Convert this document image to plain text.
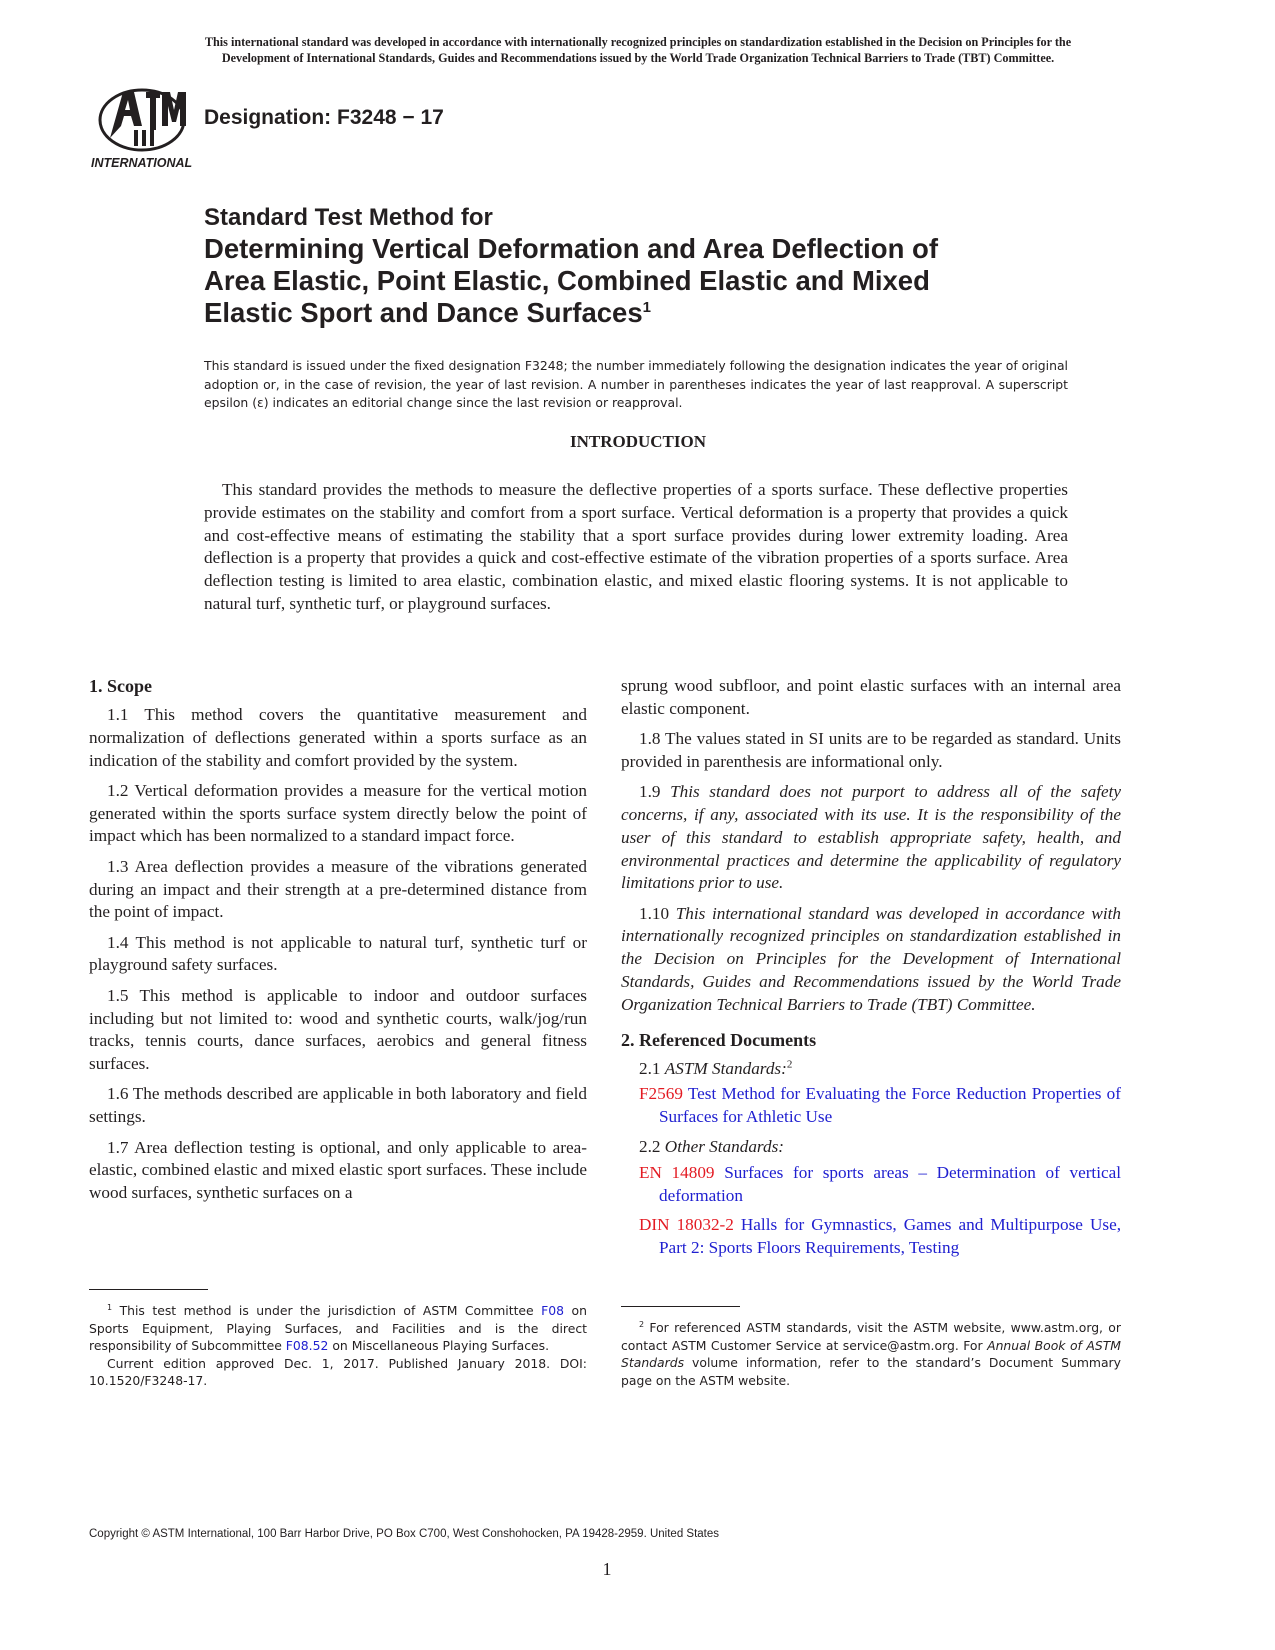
This international standard was developed in accordance with internationally recognized principles on standardization established in the Decision on Principles for the
Development of International Standards, Guides and Recommendations issued by the World Trade Organization Technical Barriers to Trade (TBT) Committee.
INTERNATIONAL
Designation: F3248 − 17
Standard Test Method for
Determining Vertical Deformation and Area Deflection of
Area Elastic, Point Elastic, Combined Elastic and Mixed
Elastic Sport and Dance Surfaces$^1$
This standard is issued under the fixed designation F3248; the number immediately following the designation indicates the year of original adoption or, in the case of revision, the year of last revision. A number in parentheses indicates the year of last reapproval. A superscript epsilon (ε) indicates an editorial change since the last revision or reapproval.
INTRODUCTION

This standard provides the methods to measure the deflective properties of a sports surface. These deflective properties provide estimates on the stability and comfort from a sport surface. Vertical deformation is a property that provides a quick and cost-effective means of estimating the stability that a sport surface provides during lower extremity loading. Area deflection is a property that provides a quick and cost-effective estimate of the vibration properties of a sports surface. Area deflection testing is limited to area elastic, combination elastic, and mixed elastic flooring systems. It is not applicable to natural turf, synthetic turf, or playground surfaces.

1. Scope

1.1 This method covers the quantitative measurement and normalization of deflections generated within a sports surface as an indication of the stability and comfort provided by the system.

1.2 Vertical deformation provides a measure for the vertical motion generated within the sports surface system directly below the point of impact which has been normalized to a standard impact force.

1.3 Area deflection provides a measure of the vibrations generated during an impact and their strength at a pre-determined distance from the point of impact.

1.4 This method is not applicable to natural turf, synthetic turf or playground safety surfaces.

1.5 This method is applicable to indoor and outdoor surfaces including but not limited to: wood and synthetic courts, walk/jog/run tracks, tennis courts, dance surfaces, aerobics and general fitness surfaces.

1.6 The methods described are applicable in both laboratory and field settings.

1.7 Area deflection testing is optional, and only applicable to area-elastic, combined elastic and mixed elastic sport surfaces. These include wood surfaces, synthetic surfaces on a

sprung wood subfloor, and point elastic surfaces with an internal area elastic component.

1.8 The values stated in SI units are to be regarded as standard. Units provided in parenthesis are informational only.

1.9 This standard does not purport to address all of the safety concerns, if any, associated with its use. It is the responsibility of the user of this standard to establish appropriate safety, health, and environmental practices and determine the applicability of regulatory limitations prior to use.

1.10 This international standard was developed in accordance with internationally recognized principles on standardization established in the Decision on Principles for the Development of International Standards, Guides and Recommendations issued by the World Trade Organization Technical Barriers to Trade (TBT) Committee.

2. Referenced Documents
2.1 ASTM Standards:$^2$
F2569 Test Method for Evaluating the Force Reduction Properties of Surfaces for Athletic Use
2.2 Other Standards:
EN 14809 Surfaces for sports areas – Determination of vertical deformation
DIN 18032-2 Halls for Gymnastics, Games and Multipurpose Use, Part 2: Sports Floors Requirements, Testing

$^1$ This test method is under the jurisdiction of ASTM Committee F08 on Sports Equipment, Playing Surfaces, and Facilities and is the direct responsibility of Subcommittee F08.52 on Miscellaneous Playing Surfaces.

Current edition approved Dec. 1, 2017. Published January 2018. DOI: 10.1520/F3248-17.

$^2$ For referenced ASTM standards, visit the ASTM website, www.astm.org, or contact ASTM Customer Service at service@astm.org. For Annual Book of ASTM Standards volume information, refer to the standard’s Document Summary page on the ASTM website.

Copyright © ASTM International, 100 Barr Harbor Drive, PO Box C700, West Conshohocken, PA 19428-2959. United States
1
